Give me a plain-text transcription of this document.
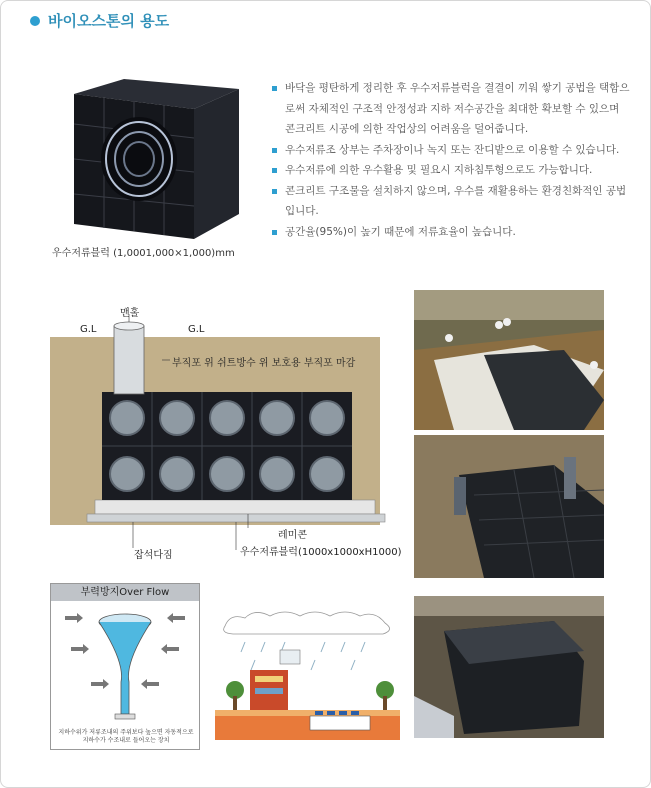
바이오스톤의 용도
우수저류블럭 (1,0001,000×1,000)mm
바닥을 평탄하게 정리한 후 우수저류블럭을 결결이 끼워 쌓기 공법을 택함으로써 자체적인 구조적 안정성과 지하 저수공간을 최대한 확보할 수 있으며 콘크리트 시공에 의한 작업상의 어려움을 덜어줍니다.
우수저류조 상부는 주차장이나 녹지 또는 잔디밭으로 이용할 수 있습니다.
우수저류에 의한 우수활용 및 필요시 지하침투형으로도 가능합니다.
콘크리트 구조물을 설치하지 않으며, 우수를 재활용하는 환경친화적인 공법입니다.
공간율(95%)이 높기 때문에 저류효율이 높습니다.
맨홀
G.L	G.L
부직포 위 쉬트방수 위 보호용 부직포 마감
레미콘
잡석다짐	우수저류블럭(1000x1000xH1000)
부력방지Over Flow
지하수위가 저류조내의 주위보다 높으면 자동적으로 지하수가 수조내로 들어오는 장치
